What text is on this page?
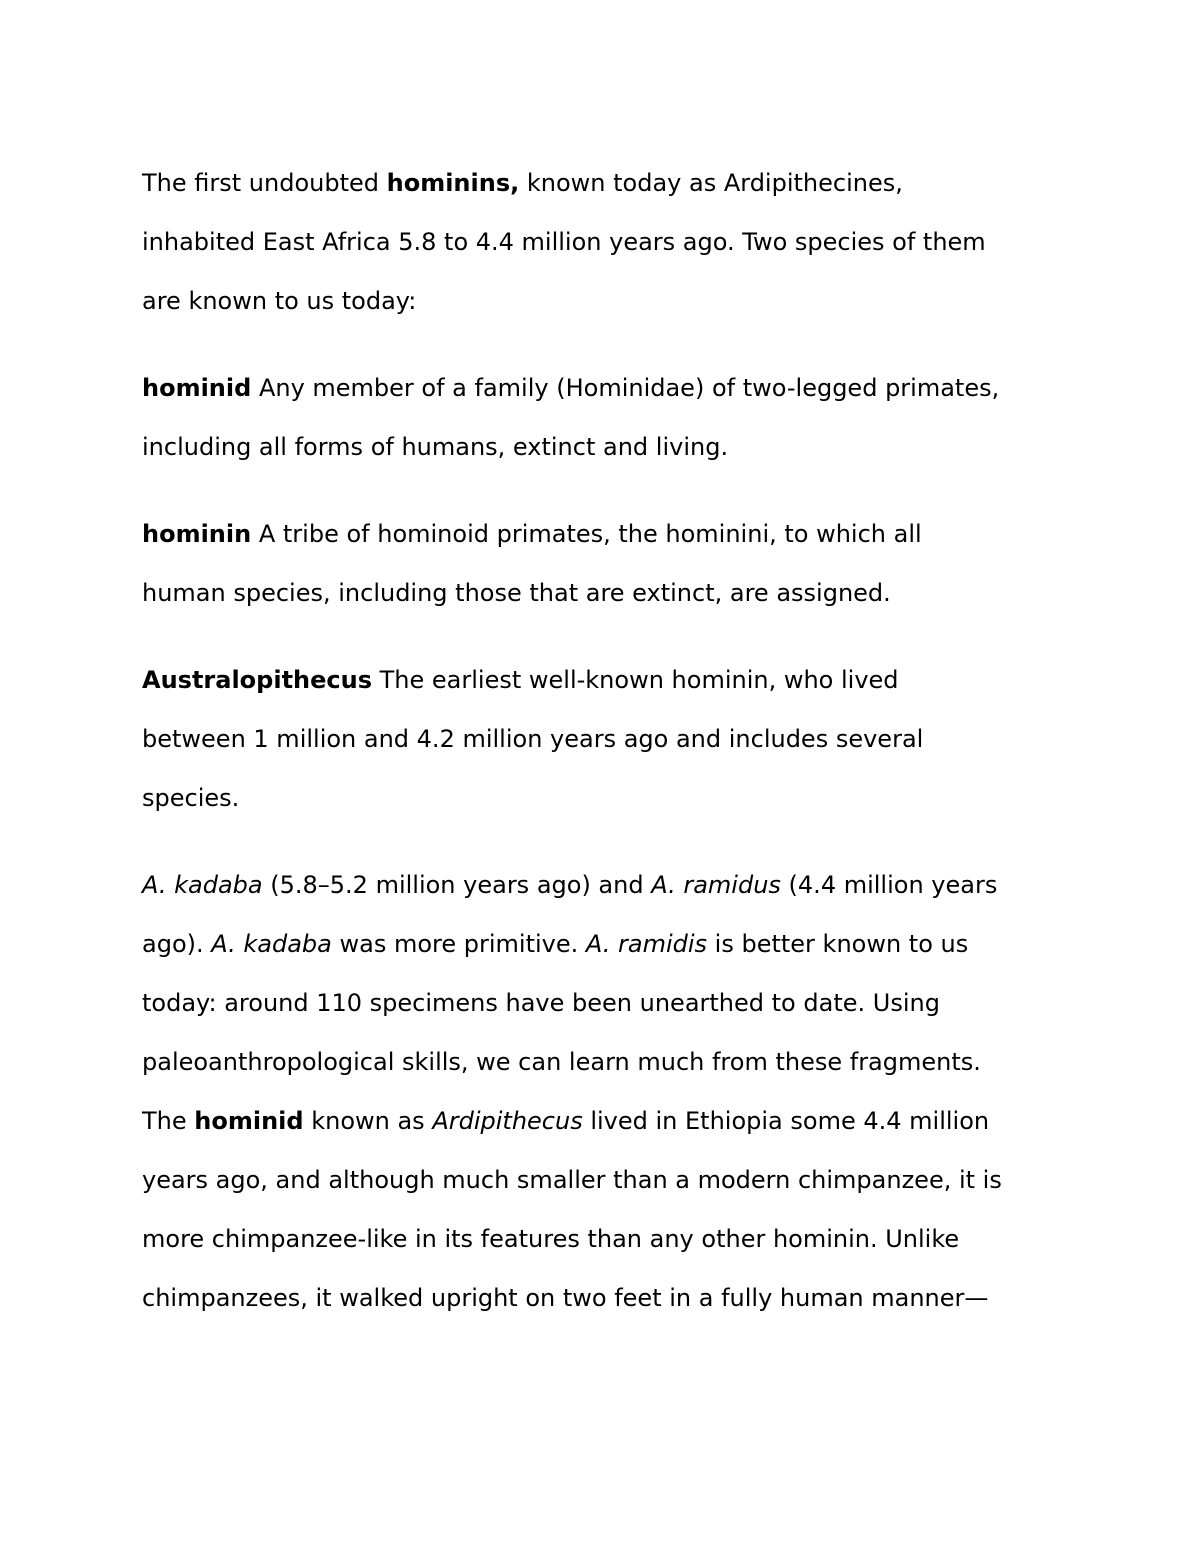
The first undoubted hominins, known today as Ardipithecines,
inhabited East Africa 5.8 to 4.4 million years ago. Two species of them
are known to us today:

hominid Any member of a family (Hominidae) of two-legged primates,
including all forms of humans, extinct and living.

hominin A tribe of hominoid primates, the hominini, to which all
human species, including those that are extinct, are assigned.

Australopithecus The earliest well-known hominin, who lived
between 1 million and 4.2 million years ago and includes several
species.

A. kadaba (5.8–5.2 million years ago) and A. ramidus (4.4 million years
ago). A. kadaba was more primitive. A. ramidis is better known to us
today: around 110 specimens have been unearthed to date. Using
paleoanthropological skills, we can learn much from these fragments.
The hominid known as Ardipithecus lived in Ethiopia some 4.4 million
years ago, and although much smaller than a modern chimpanzee, it is
more chimpanzee-like in its features than any other hominin. Unlike
chimpanzees, it walked upright on two feet in a fully human manner—
